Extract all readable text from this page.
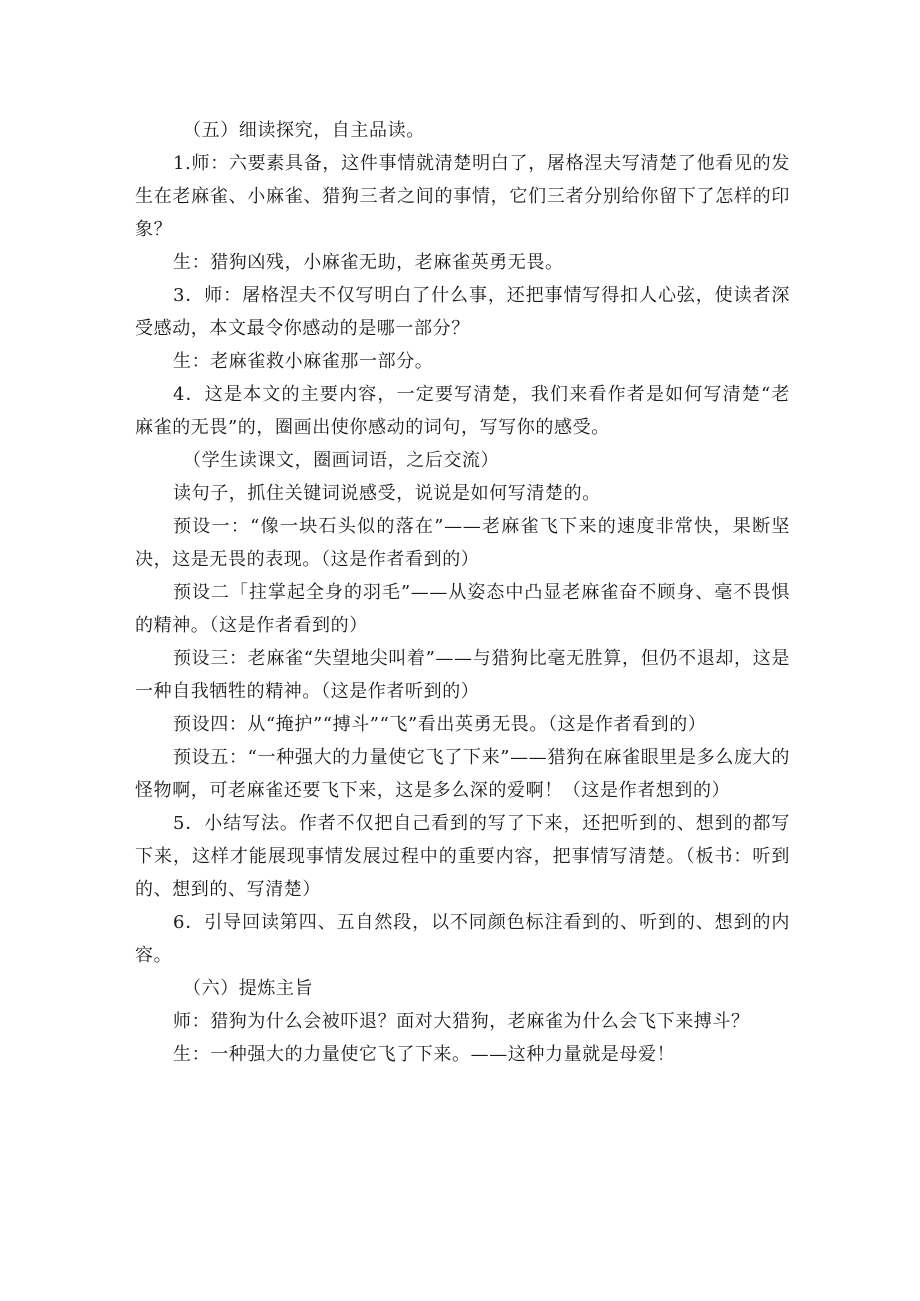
（五）细读探究，自主品读。

1.师：六要素具备，这件事情就清楚明白了，屠格涅夫写清楚了他看见的发生在老麻雀、小麻雀、猎狗三者之间的事情，它们三者分别给你留下了怎样的印象？

生：猎狗凶残，小麻雀无助，老麻雀英勇无畏。

3．师：屠格涅夫不仅写明白了什么事，还把事情写得扣人心弦，使读者深受感动，本文最令你感动的是哪一部分？

生：老麻雀救小麻雀那一部分。

4．这是本文的主要内容，一定要写清楚，我们来看作者是如何写清楚“老麻雀的无畏”的，圈画出使你感动的词句，写写你的感受。

（学生读课文，圈画词语，之后交流）

读句子，抓住关键词说感受，说说是如何写清楚的。

预设一：“像一块石头似的落在”——老麻雀飞下来的速度非常快，果断坚决，这是无畏的表现。（这是作者看到的）

预设二「拄掌起全身的羽毛”——从姿态中凸显老麻雀奋不顾身、毫不畏惧的精神。（这是作者看到的）

预设三：老麻雀“失望地尖叫着”——与猎狗比毫无胜算，但仍不退却，这是一种自我牺牲的精神。（这是作者听到的）

预设四：从“掩护”“搏斗”“飞”看出英勇无畏。（这是作者看到的）

预设五：“一种强大的力量使它飞了下来”——猎狗在麻雀眼里是多么庞大的怪物啊，可老麻雀还要飞下来，这是多么深的爱啊！（这是作者想到的）

5．小结写法。作者不仅把自己看到的写了下来，还把听到的、想到的都写下来，这样才能展现事情发展过程中的重要内容，把事情写清楚。（板书：听到的、想到的、写清楚）

6．引导回读第四、五自然段，以不同颜色标注看到的、听到的、想到的内容。

（六）提炼主旨

师：猎狗为什么会被吓退？面对大猎狗，老麻雀为什么会飞下来搏斗？

生：一种强大的力量使它飞了下来。——这种力量就是母爱！
